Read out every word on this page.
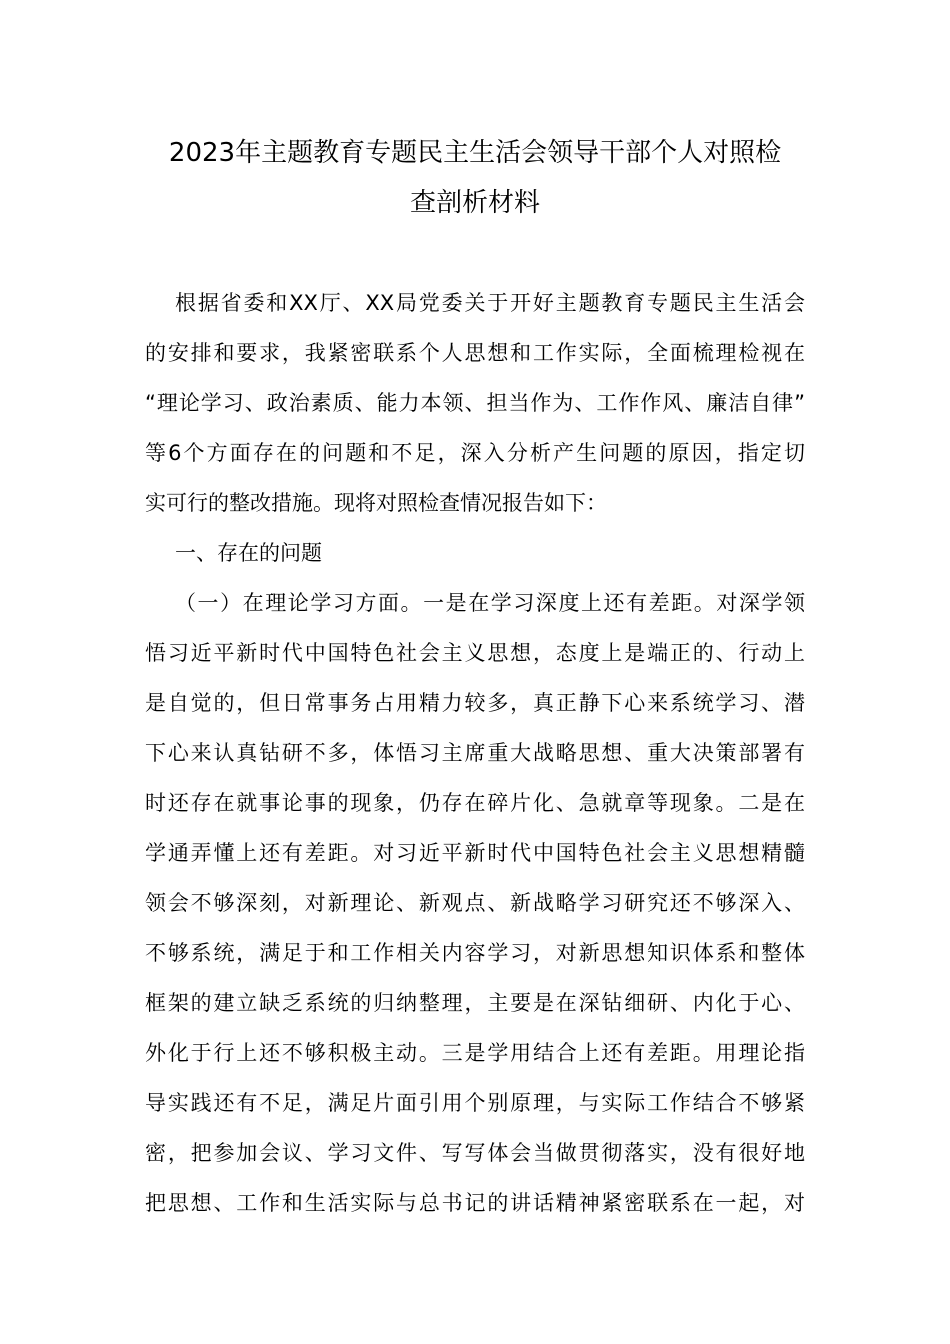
2023年主题教育专题民主生活会领导干部个人对照检
查剖析材料
根据省委和XX厅、XX局党委关于开好主题教育专题民主生活会
的安排和要求，我紧密联系个人思想和工作实际，全面梳理检视在
“理论学习、政治素质、能力本领、担当作为、工作作风、廉洁自律”
等6个方面存在的问题和不足，深入分析产生问题的原因，指定切
实可行的整改措施。现将对照检查情况报告如下：
一、存在的问题
（一）在理论学习方面。一是在学习深度上还有差距。对深学领
悟习近平新时代中国特色社会主义思想，态度上是端正的、行动上
是自觉的，但日常事务占用精力较多，真正静下心来系统学习、潜
下心来认真钻研不多，体悟习主席重大战略思想、重大决策部署有
时还存在就事论事的现象，仍存在碎片化、急就章等现象。二是在
学通弄懂上还有差距。对习近平新时代中国特色社会主义思想精髓
领会不够深刻，对新理论、新观点、新战略学习研究还不够深入、
不够系统，满足于和工作相关内容学习，对新思想知识体系和整体
框架的建立缺乏系统的归纳整理，主要是在深钻细研、内化于心、
外化于行上还不够积极主动。三是学用结合上还有差距。用理论指
导实践还有不足，满足片面引用个别原理，与实际工作结合不够紧
密，把参加会议、学习文件、写写体会当做贯彻落实，没有很好地
把思想、工作和生活实际与总书记的讲话精神紧密联系在一起，对
